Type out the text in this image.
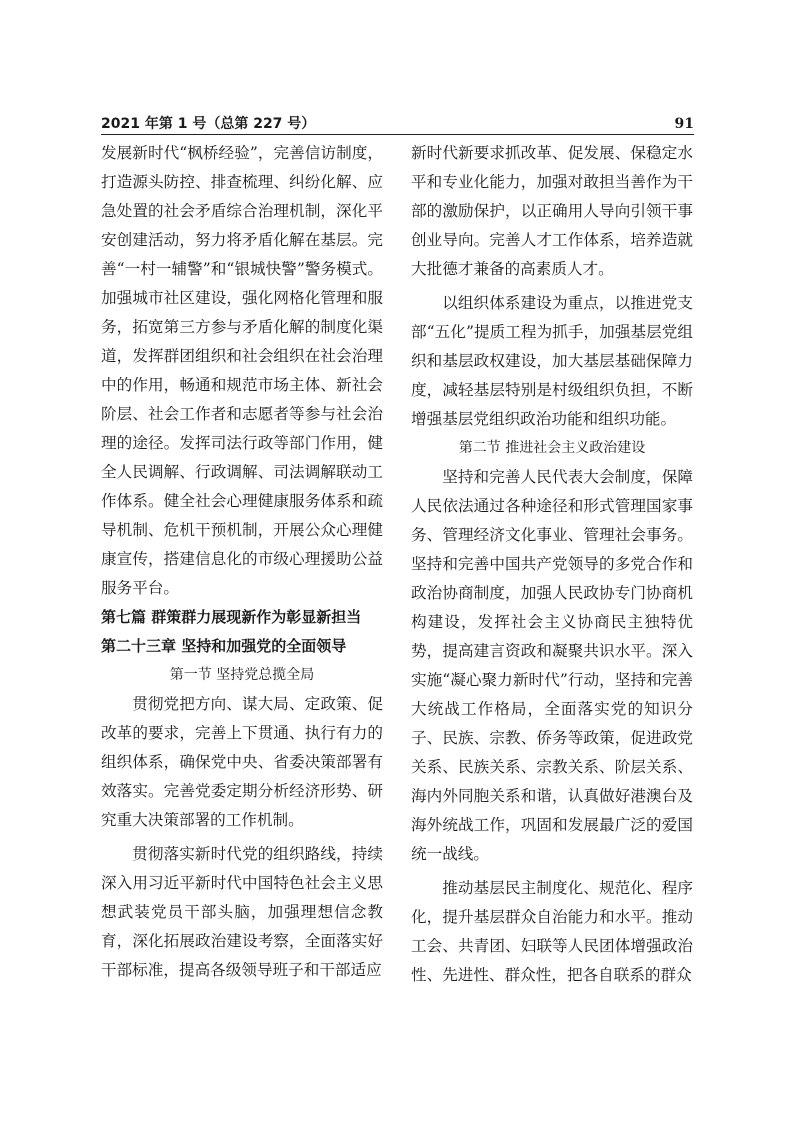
2021 年第 1 号（总第 227 号）	91

发展新时代“枫桥经验”，完善信访制度，打造源头防控、排查梳理、纠纷化解、应急处置的社会矛盾综合治理机制，深化平安创建活动，努力将矛盾化解在基层。完善“一村一辅警”和“银城快警”警务模式。加强城市社区建设，强化网格化管理和服务，拓宽第三方参与矛盾化解的制度化渠道，发挥群团组织和社会组织在社会治理中的作用，畅通和规范市场主体、新社会阶层、社会工作者和志愿者等参与社会治理的途径。发挥司法行政等部门作用，健全人民调解、行政调解、司法调解联动工作体系。健全社会心理健康服务体系和疏导机制、危机干预机制，开展公众心理健康宣传，搭建信息化的市级心理援助公益服务平台。

第七篇 群策群力展现新作为彰显新担当
第二十三章 坚持和加强党的全面领导
第一节 坚持党总揽全局

贯彻党把方向、谋大局、定政策、促改革的要求，完善上下贯通、执行有力的组织体系，确保党中央、省委决策部署有效落实。完善党委定期分析经济形势、研究重大决策部署的工作机制。

贯彻落实新时代党的组织路线，持续深入用习近平新时代中国特色社会主义思想武装党员干部头脑，加强理想信念教育，深化拓展政治建设考察，全面落实好干部标准，提高各级领导班子和干部适应

新时代新要求抓改革、促发展、保稳定水平和专业化能力，加强对敢担当善作为干部的激励保护，以正确用人导向引领干事创业导向。完善人才工作体系，培养造就大批德才兼备的高素质人才。

以组织体系建设为重点，以推进党支部“五化”提质工程为抓手，加强基层党组织和基层政权建设，加大基层基础保障力度，减轻基层特别是村级组织负担，不断增强基层党组织政治功能和组织功能。

第二节 推进社会主义政治建设

坚持和完善人民代表大会制度，保障人民依法通过各种途径和形式管理国家事务、管理经济文化事业、管理社会事务。坚持和完善中国共产党领导的多党合作和政治协商制度，加强人民政协专门协商机构建设，发挥社会主义协商民主独特优势，提高建言资政和凝聚共识水平。深入实施“凝心聚力新时代”行动，坚持和完善大统战工作格局，全面落实党的知识分子、民族、宗教、侨务等政策，促进政党关系、民族关系、宗教关系、阶层关系、海内外同胞关系和谐，认真做好港澳台及海外统战工作，巩固和发展最广泛的爱国统一战线。

推动基层民主制度化、规范化、程序化，提升基层群众自治能力和水平。推动工会、共青团、妇联等人民团体增强政治性、先进性、群众性，把各自联系的群众
